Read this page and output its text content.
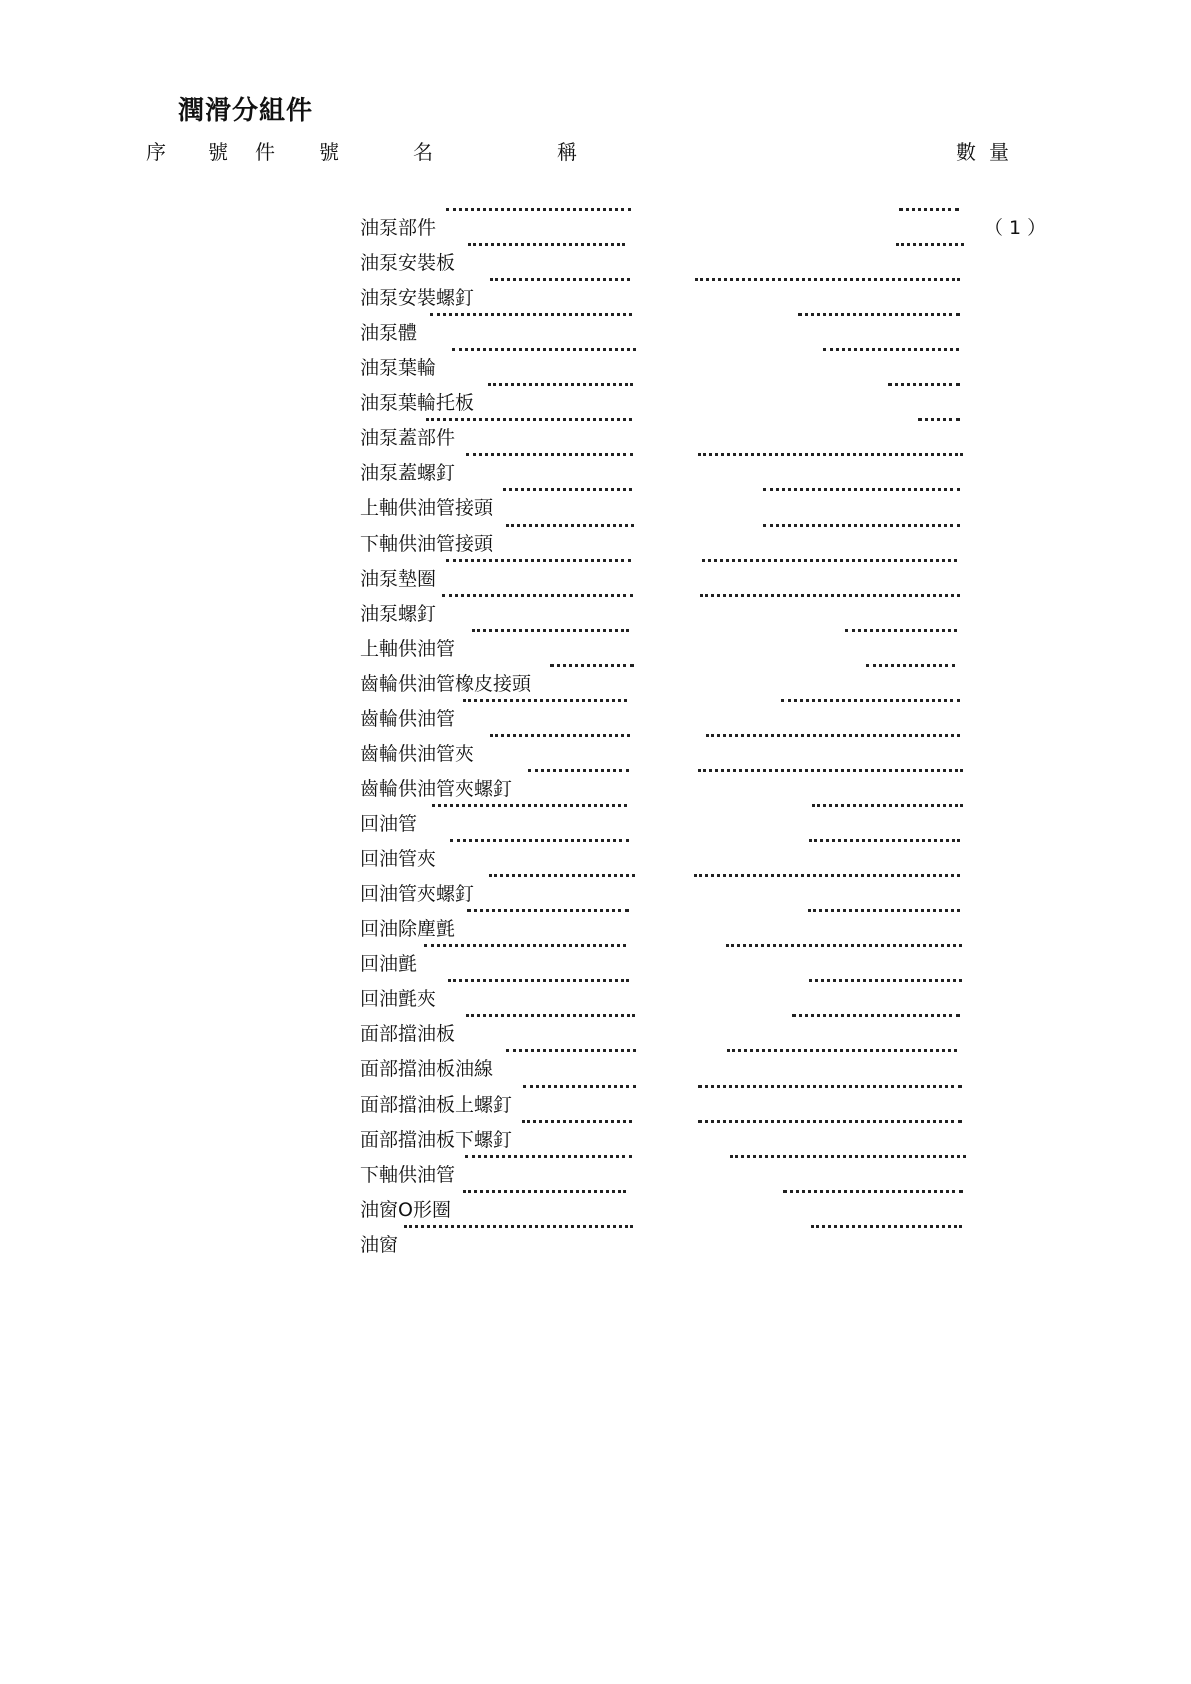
潤滑分組件
序 號 件 號	名	稱	數 量
油泵部件	（ 1 ）
油泵安裝板
油泵安裝螺釘
油泵體
油泵葉輪
油泵葉輪托板
油泵蓋部件
油泵蓋螺釘
上軸供油管接頭
下軸供油管接頭
油泵墊圈
油泵螺釘
上軸供油管
齒輪供油管橡皮接頭
齒輪供油管
齒輪供油管夾
齒輪供油管夾螺釘
回油管
回油管夾
回油管夾螺釘
回油除塵氈
回油氈
回油氈夾
面部擋油板
面部擋油板油線
面部擋油板上螺釘
面部擋油板下螺釘
下軸供油管
油窗O形圈
油窗
